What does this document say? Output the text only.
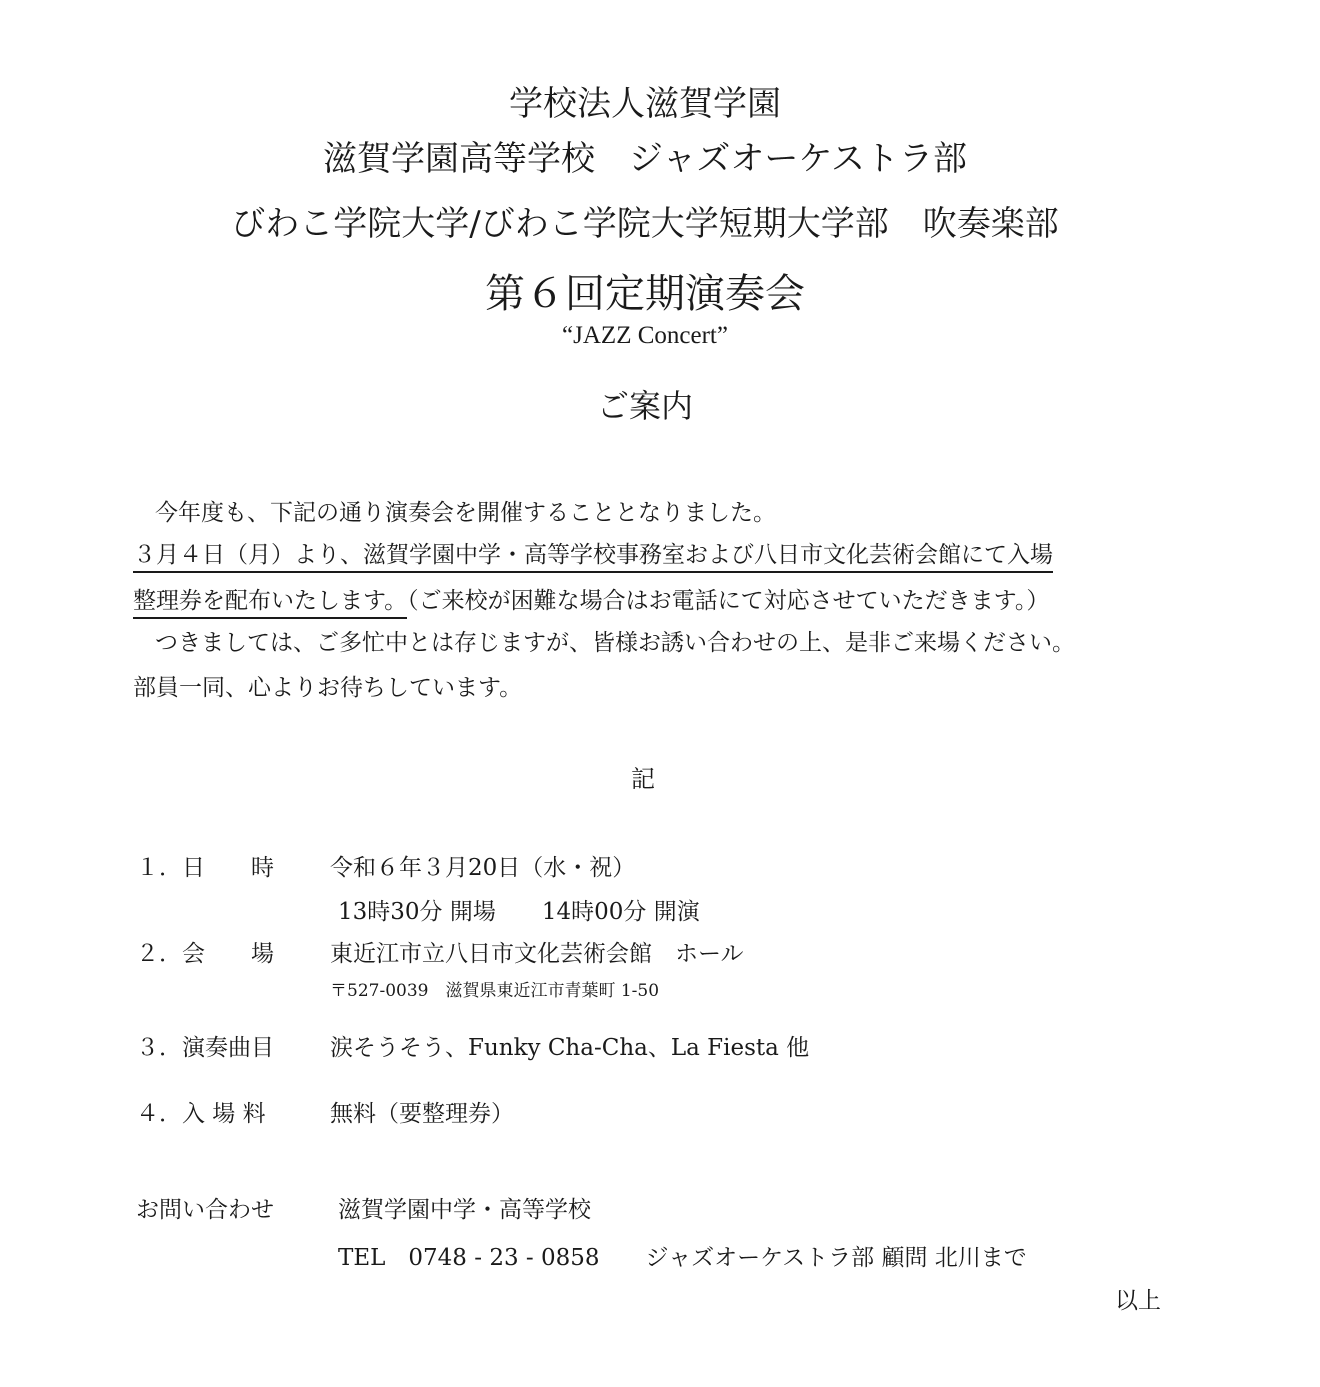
学校法人滋賀学園
滋賀学園高等学校　ジャズオーケストラ部
びわこ学院大学/びわこ学院大学短期大学部　吹奏楽部
第６回定期演奏会
“JAZZ Concert”
ご案内
今年度も、下記の通り演奏会を開催することとなりました。
３月４日（月）より、滋賀学園中学・高等学校事務室および八日市文化芸術会館にて入場
整理券を配布いたします。（ご来校が困難な場合はお電話にて対応させていただきます。）
つきましては、ご多忙中とは存じますが、皆様お誘い合わせの上、是非ご来場ください。
部員一同、心よりお待ちしています。
記
１．日　　時 令和６年３月20日（水・祝）
13時30分 開場　　14時00分 開演
２．会　　場 東近江市立八日市文化芸術会館　ホール
〒527-0039　滋賀県東近江市青葉町 1-50
３．演奏曲目 涙そうそう、Funky Cha-Cha、La Fiesta 他
４．入 場 料	無料（要整理券）
お問い合わせ	滋賀学園中学・高等学校
TEL　0748 - 23 - 0858　　ジャズオーケストラ部 顧問 北川まで
以上
